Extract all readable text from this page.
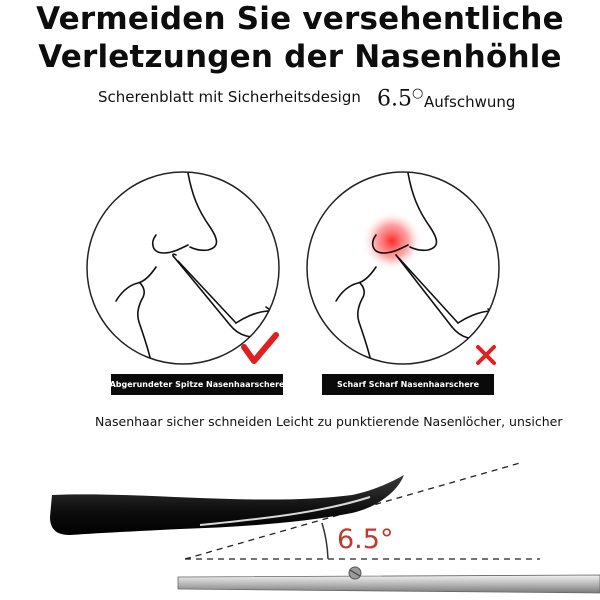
Vermeiden Sie versehentliche
Verletzungen der Nasenhöhle
Scherenblatt mit Sicherheitsdesign 6.5○ Aufschwung
Abgerundeter Spitze Nasenhaarschere	Scharf Scharf Nasenhaarschere
Nasenhaar sicher schneiden Leicht zu punktierende Nasenlöcher, unsicher
6.5°
